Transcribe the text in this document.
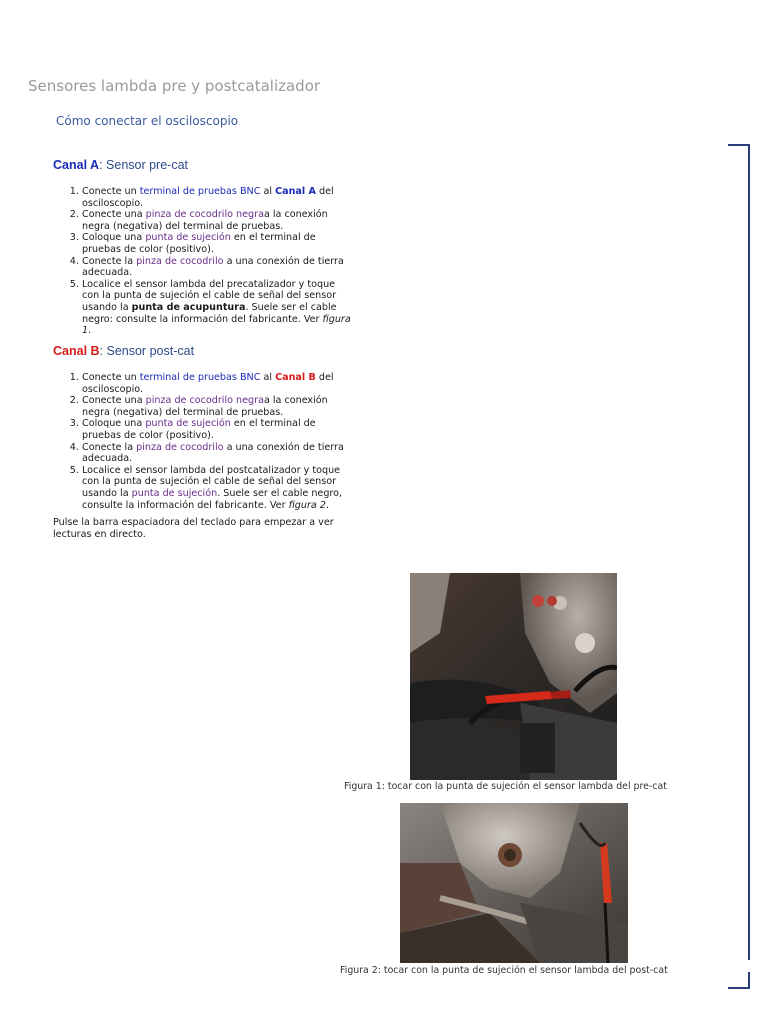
Sensores lambda pre y postcatalizador
Cómo conectar el osciloscopio
Canal A: Sensor pre-cat
1. Conecte un terminal de pruebas BNC al Canal A del osciloscopio.
2. Conecte una pinza de cocodrilo negraa la conexión negra (negativa) del terminal de pruebas.
3. Coloque una punta de sujeción en el terminal de pruebas de color (positivo).
4. Conecte la pinza de cocodrilo a una conexión de tierra adecuada.
5. Localice el sensor lambda del precatalizador y toque con la punta de sujeción el cable de señal del sensor usando la punta de acupuntura. Suele ser el cable negro: consulte la información del fabricante. Ver figura 1.
Canal B: Sensor post-cat
1. Conecte un terminal de pruebas BNC al Canal B del osciloscopio.
2. Conecte una pinza de cocodrilo negraa la conexión negra (negativa) del terminal de pruebas.
3. Coloque una punta de sujeción en el terminal de pruebas de color (positivo).
4. Conecte la pinza de cocodrilo a una conexión de tierra adecuada.
5. Localice el sensor lambda del postcatalizador y toque con la punta de sujeción el cable de señal del sensor usando la punta de sujeción. Suele ser el cable negro, consulte la información del fabricante. Ver figura 2.
Pulse la barra espaciadora del teclado para empezar a ver lecturas en directo.
Figura 1: tocar con la punta de sujeción el sensor lambda del pre-cat
Figura 2: tocar con la punta de sujeción el sensor lambda del post-cat
